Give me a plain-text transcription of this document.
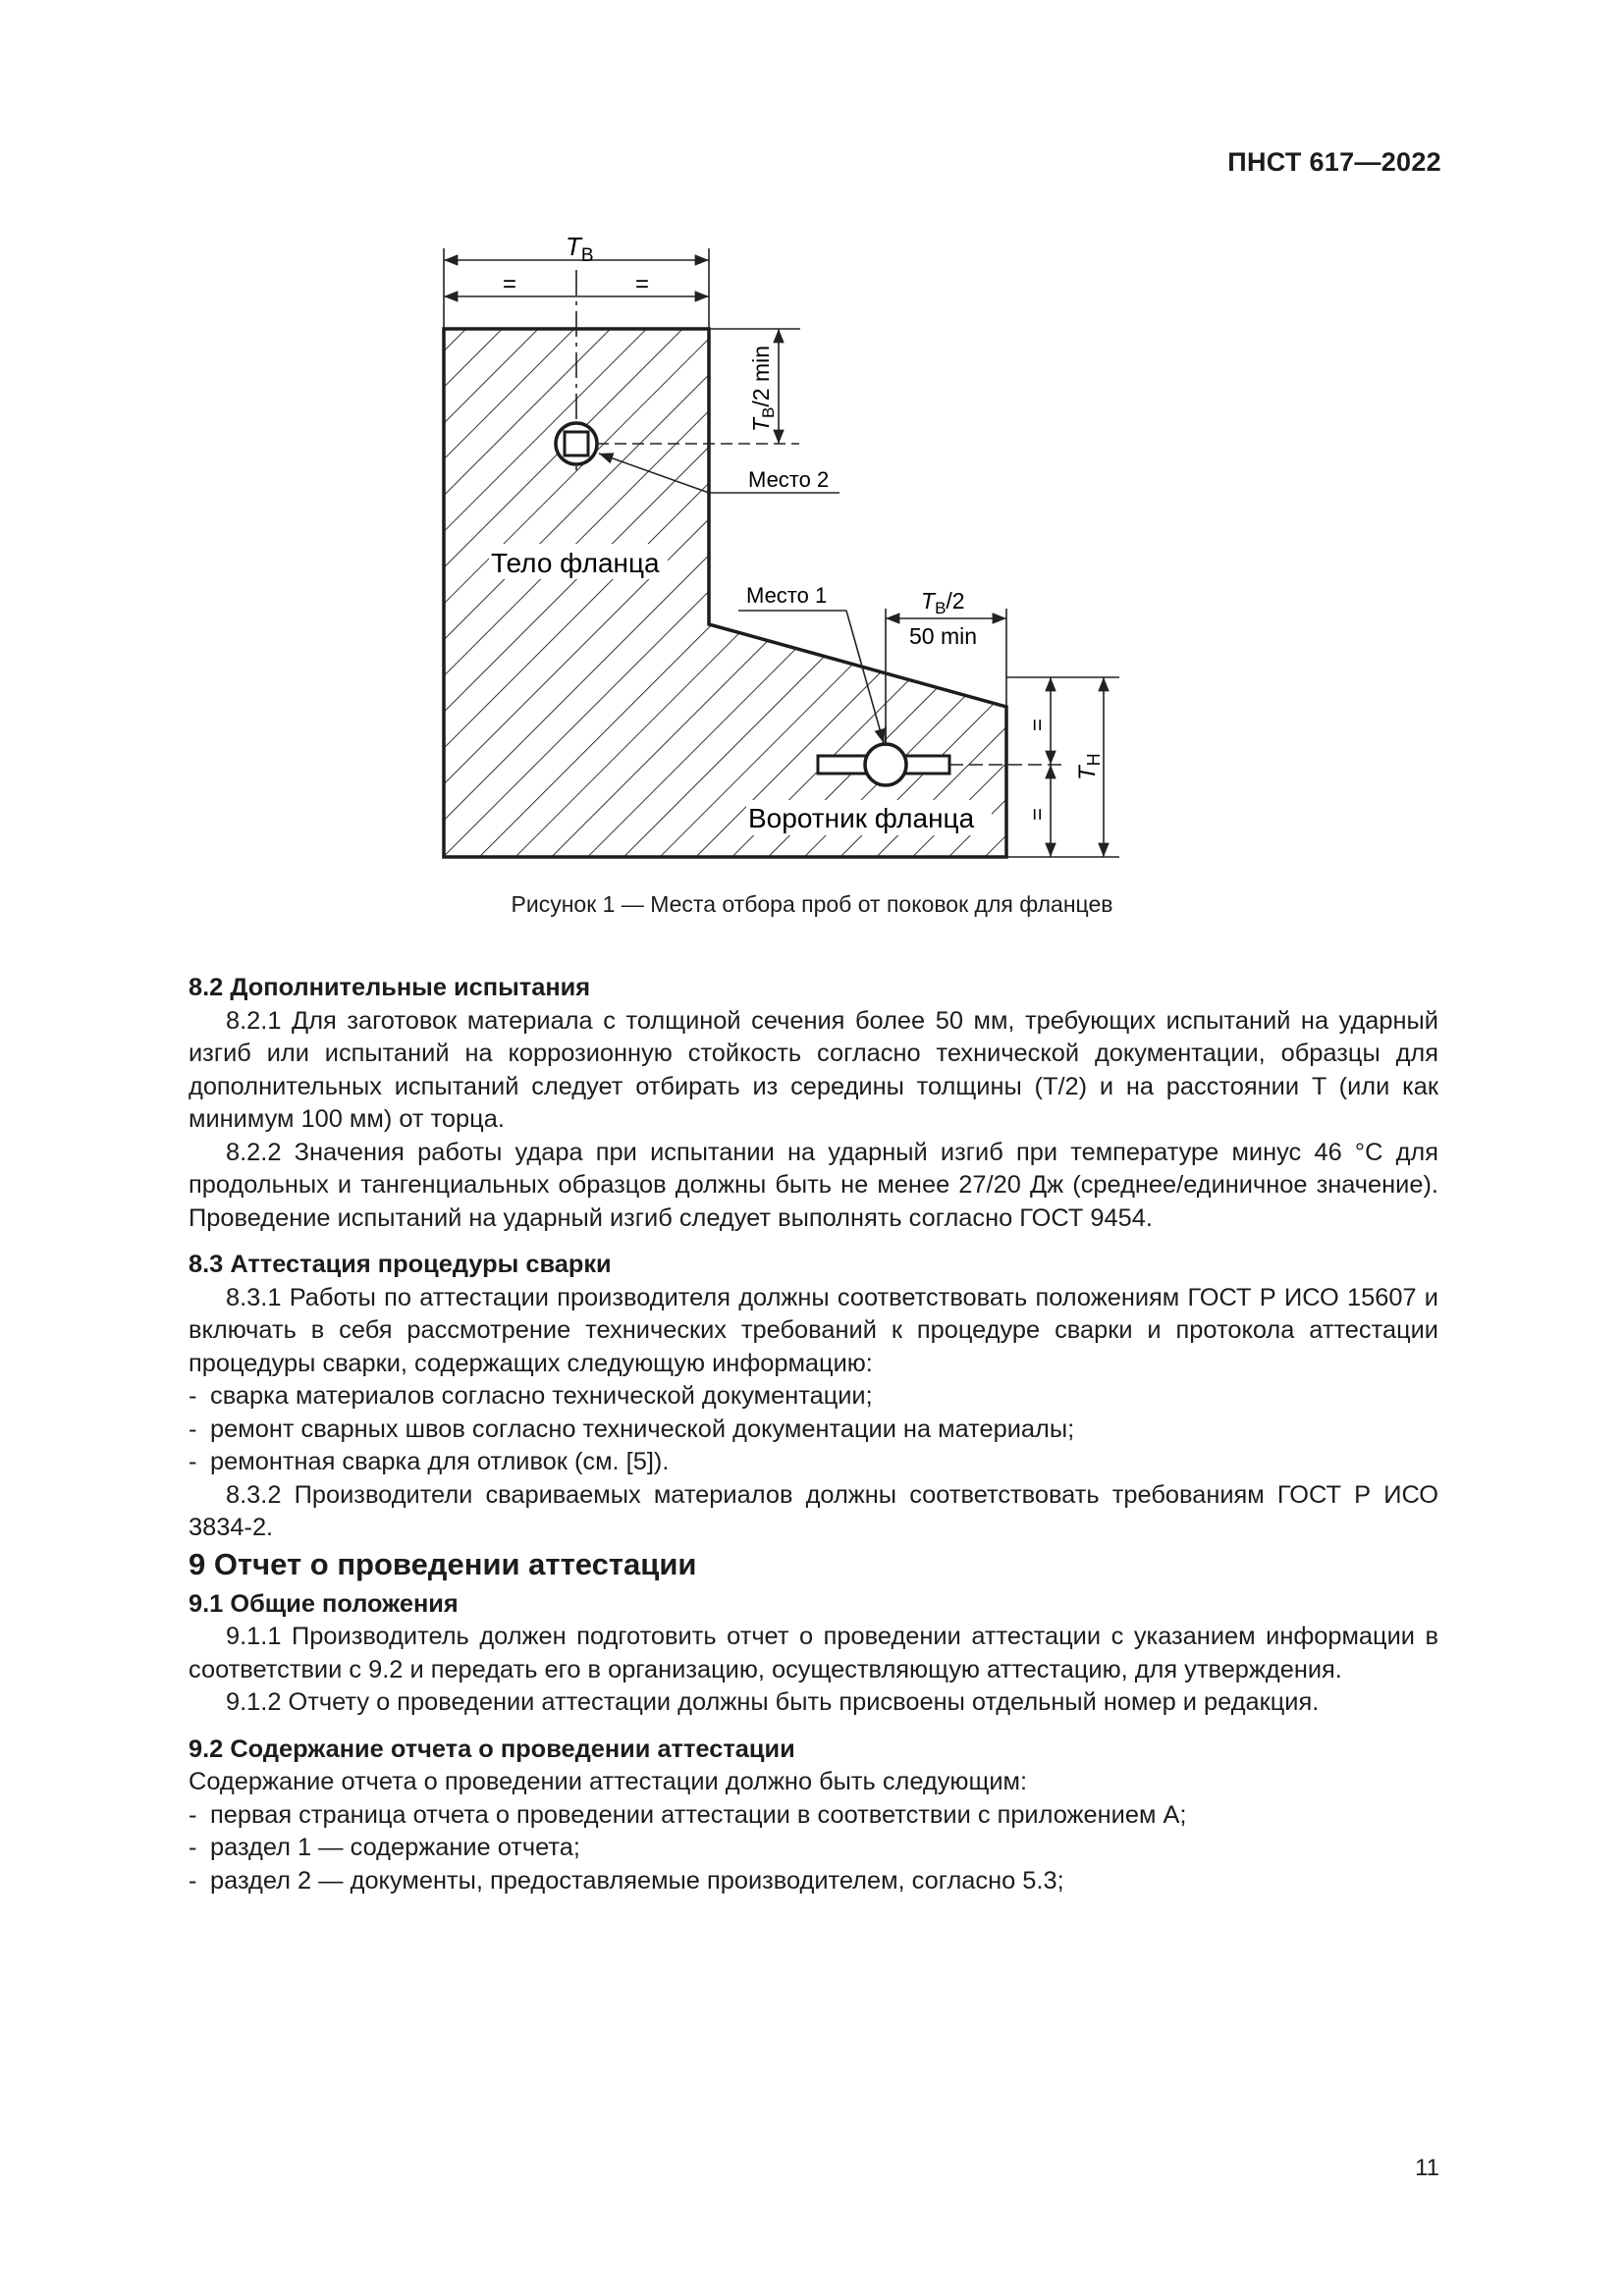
ПНСТ 617—2022
$T_В$
=	=
$T_В/2$ min
Место 2
Тело фланца
Место 1	$T_В/2$
50 min
Воротник фланца
=
=
$T_H$
Рисунок 1 — Места отбора проб от поковок для фланцев

8.2 Дополнительные испытания

8.2.1 Для заготовок материала с толщиной сечения более 50 мм, требующих испытаний на ударный изгиб или испытаний на коррозионную стойкость согласно технической документации, образцы для дополнительных испытаний следует отбирать из середины толщины (T/2) и на расстоянии T (или как минимум 100 мм) от торца.

8.2.2 Значения работы удара при испытании на ударный изгиб при температуре минус 46 °С для продольных и тангенциальных образцов должны быть не менее 27/20 Дж (среднее/единичное значение). Проведение испытаний на ударный изгиб следует выполнять согласно ГОСТ 9454.

8.3 Аттестация процедуры сварки

8.3.1 Работы по аттестации производителя должны соответствовать положениям ГОСТ Р ИСО 15607 и включать в себя рассмотрение технических требований к процедуре сварки и протокола аттестации процедуры сварки, содержащих следующую информацию:

- сварка материалов согласно технической документации;

- ремонт сварных швов согласно технической документации на материалы;

- ремонтная сварка для отливок (см. [5]).

8.3.2 Производители свариваемых материалов должны соответствовать требованиям ГОСТ Р ИСО 3834-2.

9 Отчет о проведении аттестации

9.1 Общие положения

9.1.1 Производитель должен подготовить отчет о проведении аттестации с указанием информации в соответствии с 9.2 и передать его в организацию, осуществляющую аттестацию, для утверждения.

9.1.2 Отчету о проведении аттестации должны быть присвоены отдельный номер и редакция.

9.2 Содержание отчета о проведении аттестации

Содержание отчета о проведении аттестации должно быть следующим:

- первая страница отчета о проведении аттестации в соответствии с приложением А;

- раздел 1 — содержание отчета;

- раздел 2 — документы, предоставляемые производителем, согласно 5.3;

11
